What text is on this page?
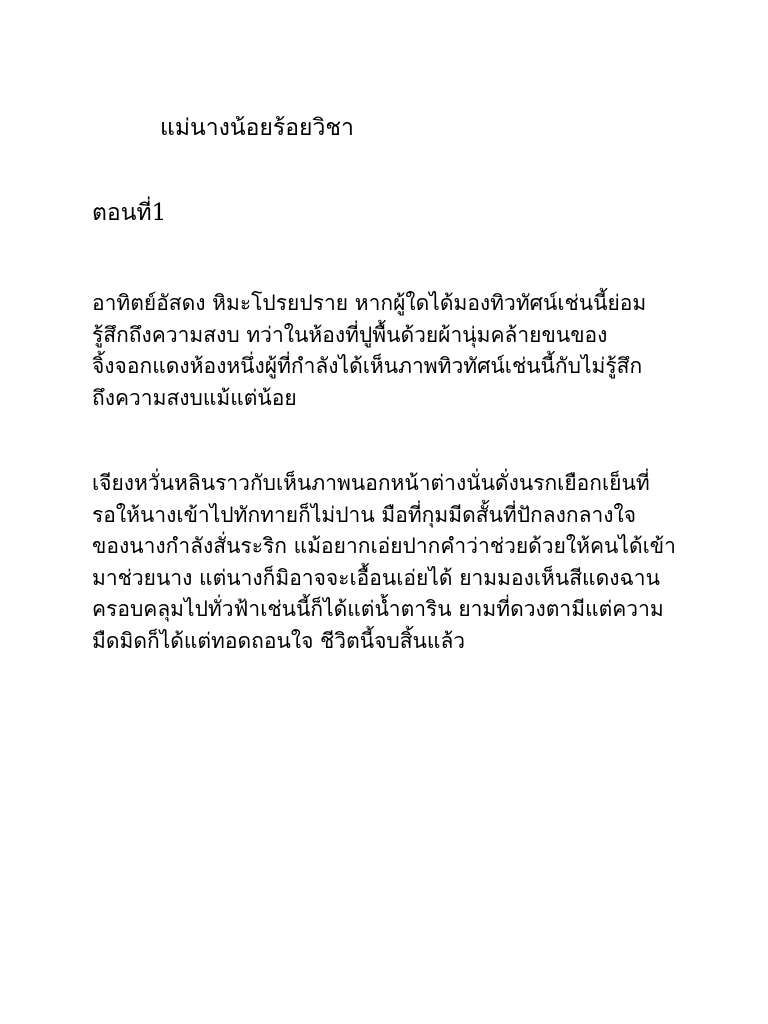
แม่นางน้อยร้อยวิชา
ตอนที่1

อาทิตย์อัสดง หิมะโปรยปราย หากผู้ใดได้มองทิวทัศน์เช่นนี้ย่อม
รู้สึกถึงความสงบ ทว่าในห้องที่ปูพื้นด้วยผ้านุ่มคล้ายขนของ
จิ้งจอกแดงห้องหนึ่งผู้ที่กำลังได้เห็นภาพทิวทัศน์เช่นนี้กับไม่รู้สึก
ถึงความสงบแม้แต่น้อย

เจียงหวั่นหลินราวกับเห็นภาพนอกหน้าต่างนั่นดั่งนรกเยือกเย็นที่
รอให้นางเข้าไปทักทายก็ไม่ปาน มือที่กุมมีดสั้นที่ปักลงกลางใจ
ของนางกำลังสั่นระริก แม้อยากเอ่ยปากคำว่าช่วยด้วยให้คนได้เข้า
มาช่วยนาง แต่นางก็มิอาจจะเอื้อนเอ่ยได้ ยามมองเห็นสีแดงฉาน
ครอบคลุมไปทั่วฟ้าเช่นนี้ก็ได้แต่น้ำตาริน ยามที่ดวงตามีแต่ความ
มืดมิดก็ได้แต่ทอดถอนใจ ชีวิตนี้จบสิ้นแล้ว
